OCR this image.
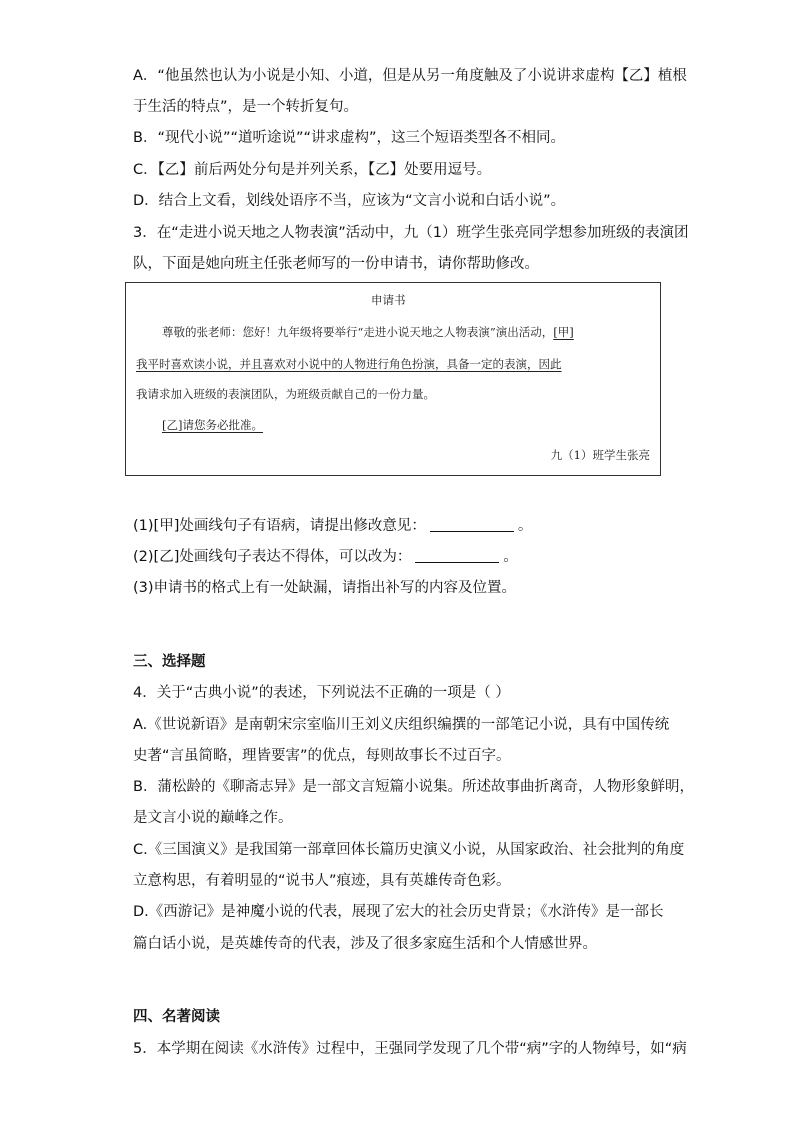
A．“他虽然也认为小说是小知、小道，但是从另一角度触及了小说讲求虚构【乙】植根
于生活的特点”，是一个转折复句。
B．“现代小说”“道听途说”“讲求虚构”，这三个短语类型各不相同。
C．【乙】前后两处分句是并列关系，【乙】处要用逗号。
D．结合上文看，划线处语序不当，应该为“文言小说和白话小说”。
3．在“走进小说天地之人物表演”活动中，九（1）班学生张亮同学想参加班级的表演团
队，下面是她向班主任张老师写的一份申请书，请你帮助修改。
申请书
尊敬的张老师：您好！九年级将要举行“走进小说天地之人物表演”演出活动，[甲]
我平时喜欢读小说，并且喜欢对小说中的人物进行角色扮演，具备一定的表演，因此
我请求加入班级的表演团队，为班级贡献自己的一份力量。
[乙]请您务必批准。
九（1）班学生张亮
(1)[甲]处画线句子有语病，请提出修改意见：	。
(2)[乙]处画线句子表达不得体，可以改为：	。
(3)申请书的格式上有一处缺漏，请指出补写的内容及位置。
三、选择题
4．关于“古典小说”的表述，下列说法不正确的一项是（ ）
A.《世说新语》是南朝宋宗室临川王刘义庆组织编撰的一部笔记小说，具有中国传统
史著“言虽简略，理皆要害”的优点，每则故事长不过百字。
B．蒲松龄的《聊斋志异》是一部文言短篇小说集。所述故事曲折离奇，人物形象鲜明，
是文言小说的巅峰之作。
C.《三国演义》是我国第一部章回体长篇历史演义小说，从国家政治、社会批判的角度
立意构思，有着明显的“说书人”痕迹，具有英雄传奇色彩。
D.《西游记》是神魔小说的代表，展现了宏大的社会历史背景；《水浒传》是一部长
篇白话小说，是英雄传奇的代表，涉及了很多家庭生活和个人情感世界。
四、名著阅读
5．本学期在阅读《水浒传》过程中，王强同学发现了几个带“病”字的人物绰号，如“病
